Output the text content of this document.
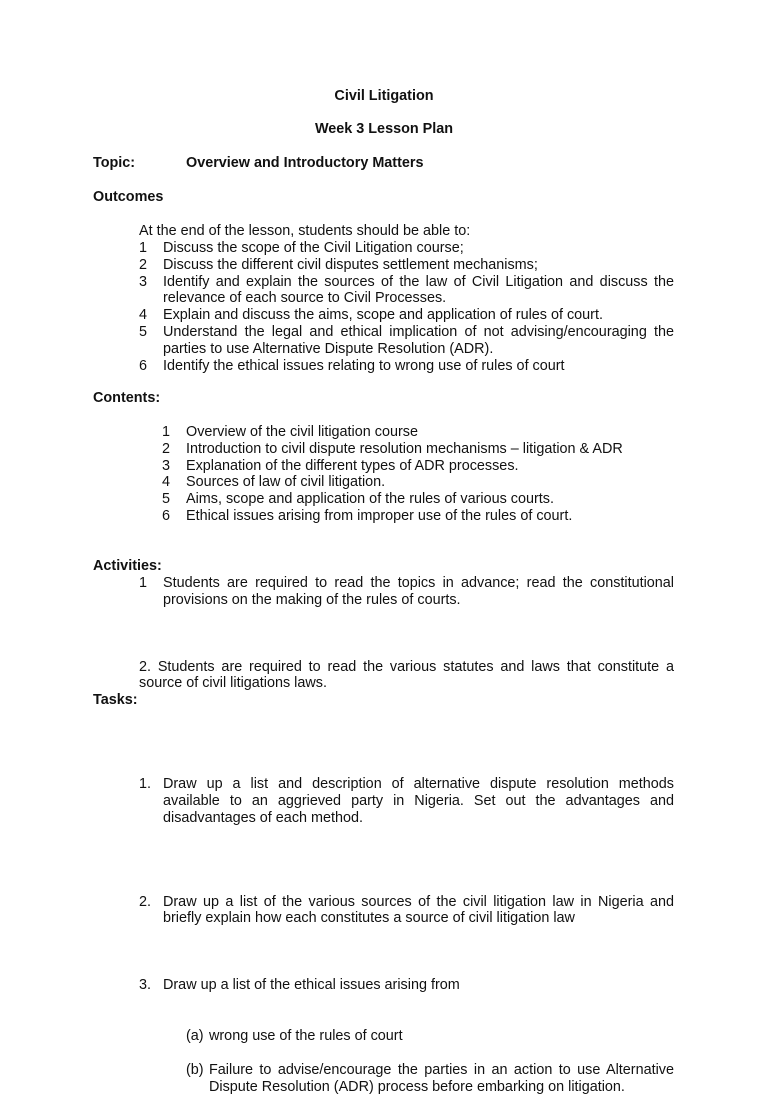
Civil Litigation
Week 3 Lesson Plan
Topic:	Overview and Introductory Matters
Outcomes
At the end of the lesson, students should be able to:
1 Discuss the scope of the Civil Litigation course;
2 Discuss the different civil disputes settlement mechanisms;
3 Identify and explain the sources of the law of Civil Litigation and discuss the relevance of each source to Civil Processes.
4 Explain and discuss the aims, scope and application of rules of court.
5 Understand the legal and ethical implication of not advising/encouraging the parties to use Alternative Dispute Resolution (ADR).
6 Identify the ethical issues relating to wrong use of rules of court
Contents:
1 Overview of the civil litigation course
2 Introduction to civil dispute resolution mechanisms – litigation & ADR
3 Explanation of the different types of ADR processes.
4 Sources of law of civil litigation.
5 Aims, scope and application of the rules of various courts.
6 Ethical issues arising from improper use of the rules of court.
Activities:
1 Students are required to read the topics in advance; read the constitutional provisions on the making of the rules of courts.
2. Students are required to read the various statutes and laws that constitute a source of civil litigations laws.
Tasks:
1. Draw up a list and description of alternative dispute resolution methods available to an aggrieved party in Nigeria. Set out the advantages and disadvantages of each method.
2. Draw up a list of the various sources of the civil litigation law in Nigeria and briefly explain how each constitutes a source of civil litigation law
3. Draw up a list of the ethical issues arising from
(a) wrong use of the rules of court
(b) Failure to advise/encourage the parties in an action to use Alternative Dispute Resolution (ADR) process before embarking on litigation.
